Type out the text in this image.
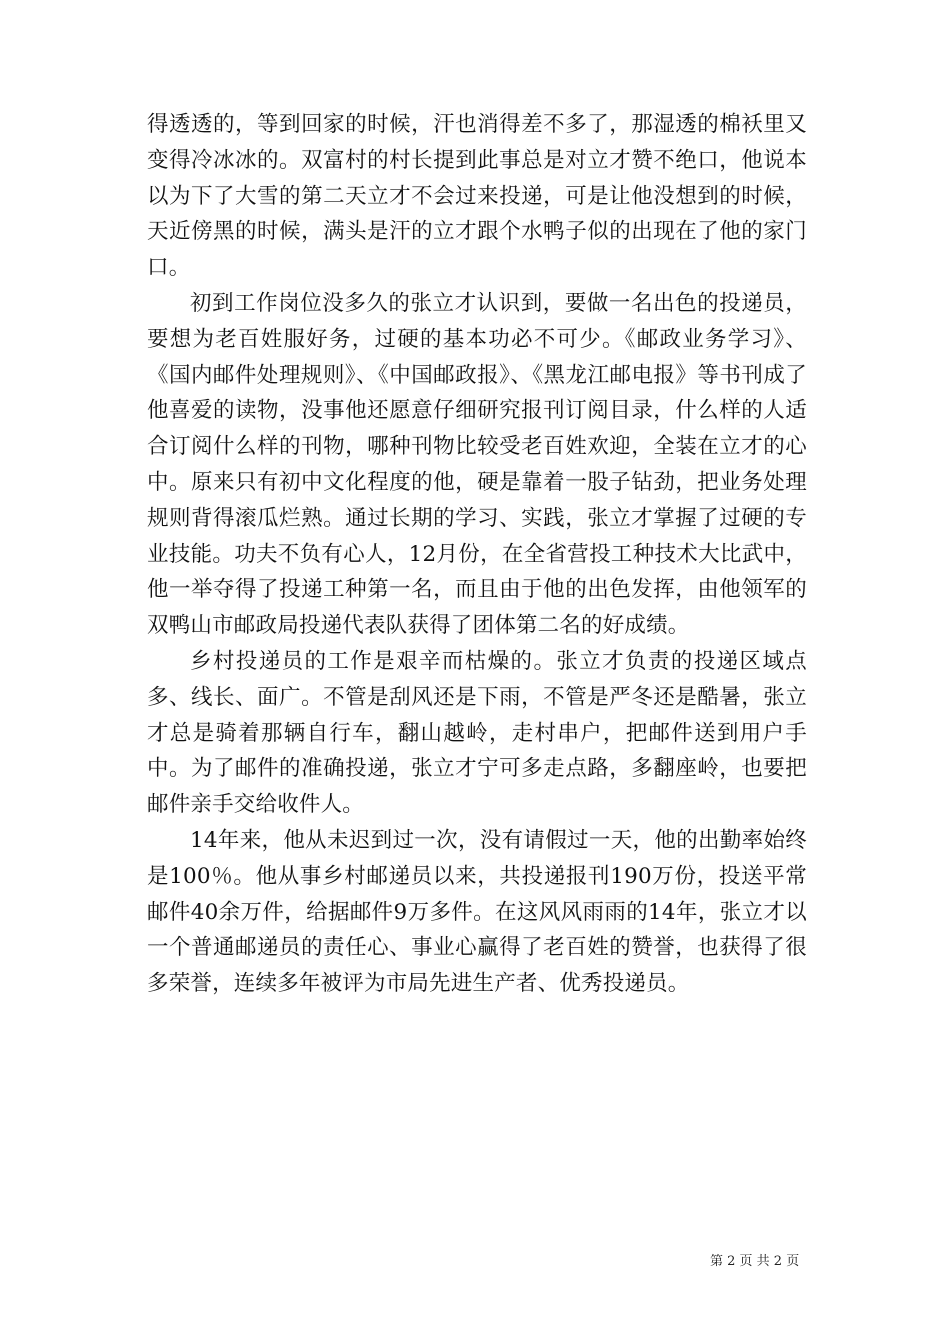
得透透的，等到回家的时候，汗也消得差不多了，那湿透的棉袄里又变得冷冰冰的。双富村的村长提到此事总是对立才赞不绝口，他说本以为下了大雪的第二天立才不会过来投递，可是让他没想到的时候，天近傍黑的时候，满头是汗的立才跟个水鸭子似的出现在了他的家门口。

初到工作岗位没多久的张立才认识到，要做一名出色的投递员，要想为老百姓服好务，过硬的基本功必不可少。《邮政业务学习》、《国内邮件处理规则》、《中国邮政报》、《黑龙江邮电报》等书刊成了他喜爱的读物，没事他还愿意仔细研究报刊订阅目录，什么样的人适合订阅什么样的刊物，哪种刊物比较受老百姓欢迎，全装在立才的心中。原来只有初中文化程度的他，硬是靠着一股子钻劲，把业务处理规则背得滚瓜烂熟。通过长期的学习、实践，张立才掌握了过硬的专业技能。功夫不负有心人，12月份，在全省营投工种技术大比武中，他一举夺得了投递工种第一名，而且由于他的出色发挥，由他领军的双鸭山市邮政局投递代表队获得了团体第二名的好成绩。

乡村投递员的工作是艰辛而枯燥的。张立才负责的投递区域点多、线长、面广。不管是刮风还是下雨，不管是严冬还是酷暑，张立才总是骑着那辆自行车，翻山越岭，走村串户，把邮件送到用户手中。为了邮件的准确投递，张立才宁可多走点路，多翻座岭，也要把邮件亲手交给收件人。

14年来，他从未迟到过一次，没有请假过一天，他的出勤率始终是100％。他从事乡村邮递员以来，共投递报刊190万份，投送平常邮件40余万件，给据邮件9万多件。在这风风雨雨的14年，张立才以一个普通邮递员的责任心、事业心赢得了老百姓的赞誉，也获得了很多荣誉，连续多年被评为市局先进生产者、优秀投递员。

第 2 页 共 2 页
